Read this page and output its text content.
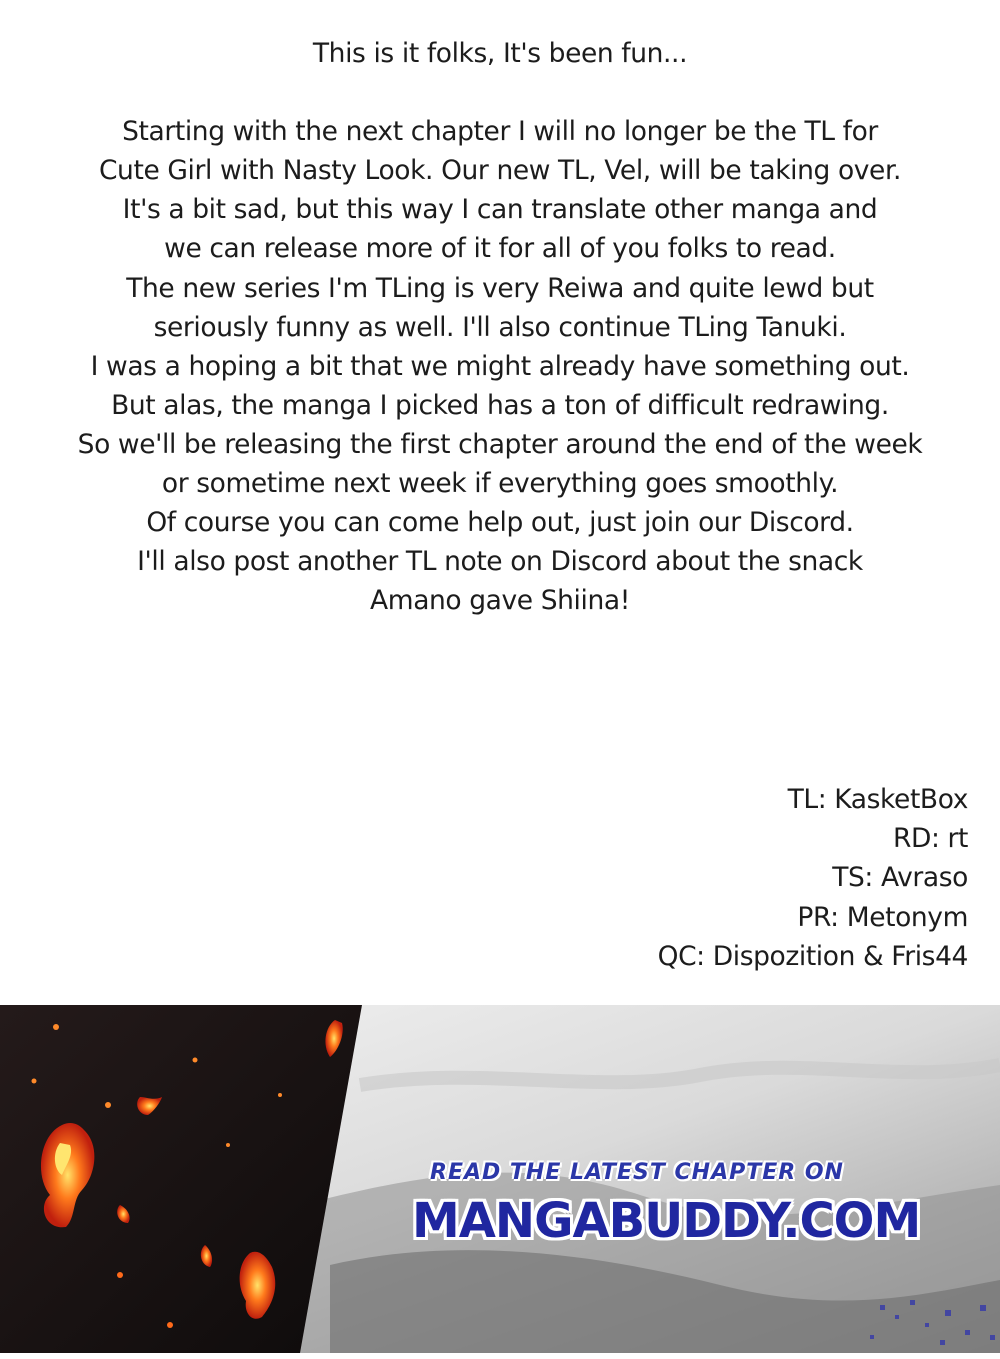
This is it folks, It's been fun...
Starting with the next chapter I will no longer be the TL for
Cute Girl with Nasty Look. Our new TL, Vel, will be taking over.
It's a bit sad, but this way I can translate other manga and
we can release more of it for all of you folks to read.
The new series I'm TLing is very Reiwa and quite lewd but
seriously funny as well. I'll also continue TLing Tanuki.
I was a hoping a bit that we might already have something out.
But alas, the manga I picked has a ton of difficult redrawing.
So we'll be releasing the first chapter around the end of the week
or sometime next week if everything goes smoothly.
Of course you can come help out, just join our Discord.
I'll also post another TL note on Discord about the snack
Amano gave Shiina!
TL: KasketBox
RD: rt
TS: Avraso
PR: Metonym
QC: Dispozition & Fris44
READ THE LATEST CHAPTER ON
MANGABUDDY.COM
